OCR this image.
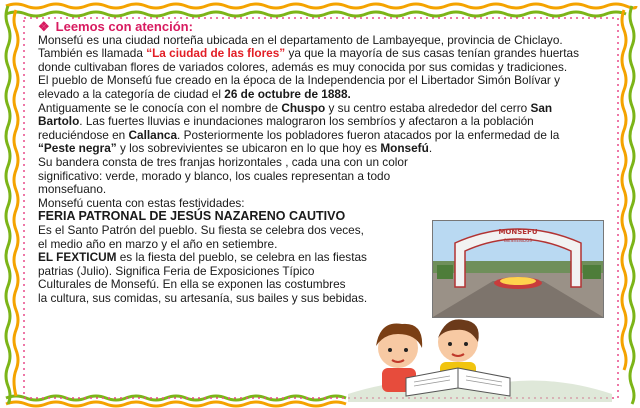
MONSEFU
BIENVENIDOS

❖ Leemos con atención:

Monsefú es una ciudad norteña ubicada en el departamento de Lambayeque, provincia de Chiclayo. También es llamada “La ciudad de las flores” ya que la mayoría de sus casas tenían grandes huertas donde cultivaban flores de variados colores, además es muy conocida por sus comidas y tradiciones.

El pueblo de Monsefú fue creado en la época de la Independencia por el Libertador Simón Bolívar y elevado a la categoría de ciudad el 26 de octubre de 1888.

Antiguamente se le conocía con el nombre de Chuspo y su centro estaba alrededor del cerro San Bartolo. Las fuertes lluvias e inundaciones malograron los sembríos y afectaron a la población reduciéndose en Callanca. Posteriormente los pobladores fueron atacados por la enfermedad de la “Peste negra” y los sobrevivientes se ubicaron en lo que hoy es Monsefú.

Su bandera consta de tres franjas horizontales , cada una con un color significativo: verde, morado y blanco, los cuales representan a todo monsefuano.

Monsefú cuenta con estas festividades:

FERIA PATRONAL DE JESÚS NAZARENO CAUTIVO

Es el Santo Patrón del pueblo. Su fiesta se celebra dos veces,

el medio año en marzo y el año en setiembre.

EL FEXTICUM es la fiesta del pueblo, se celebra en las fiestas

patrias (Julio). Significa Feria de Exposiciones Típico

Culturales de Monsefú. En ella se exponen las costumbres

la cultura, sus comidas, su artesanía, sus bailes y sus bebidas.
